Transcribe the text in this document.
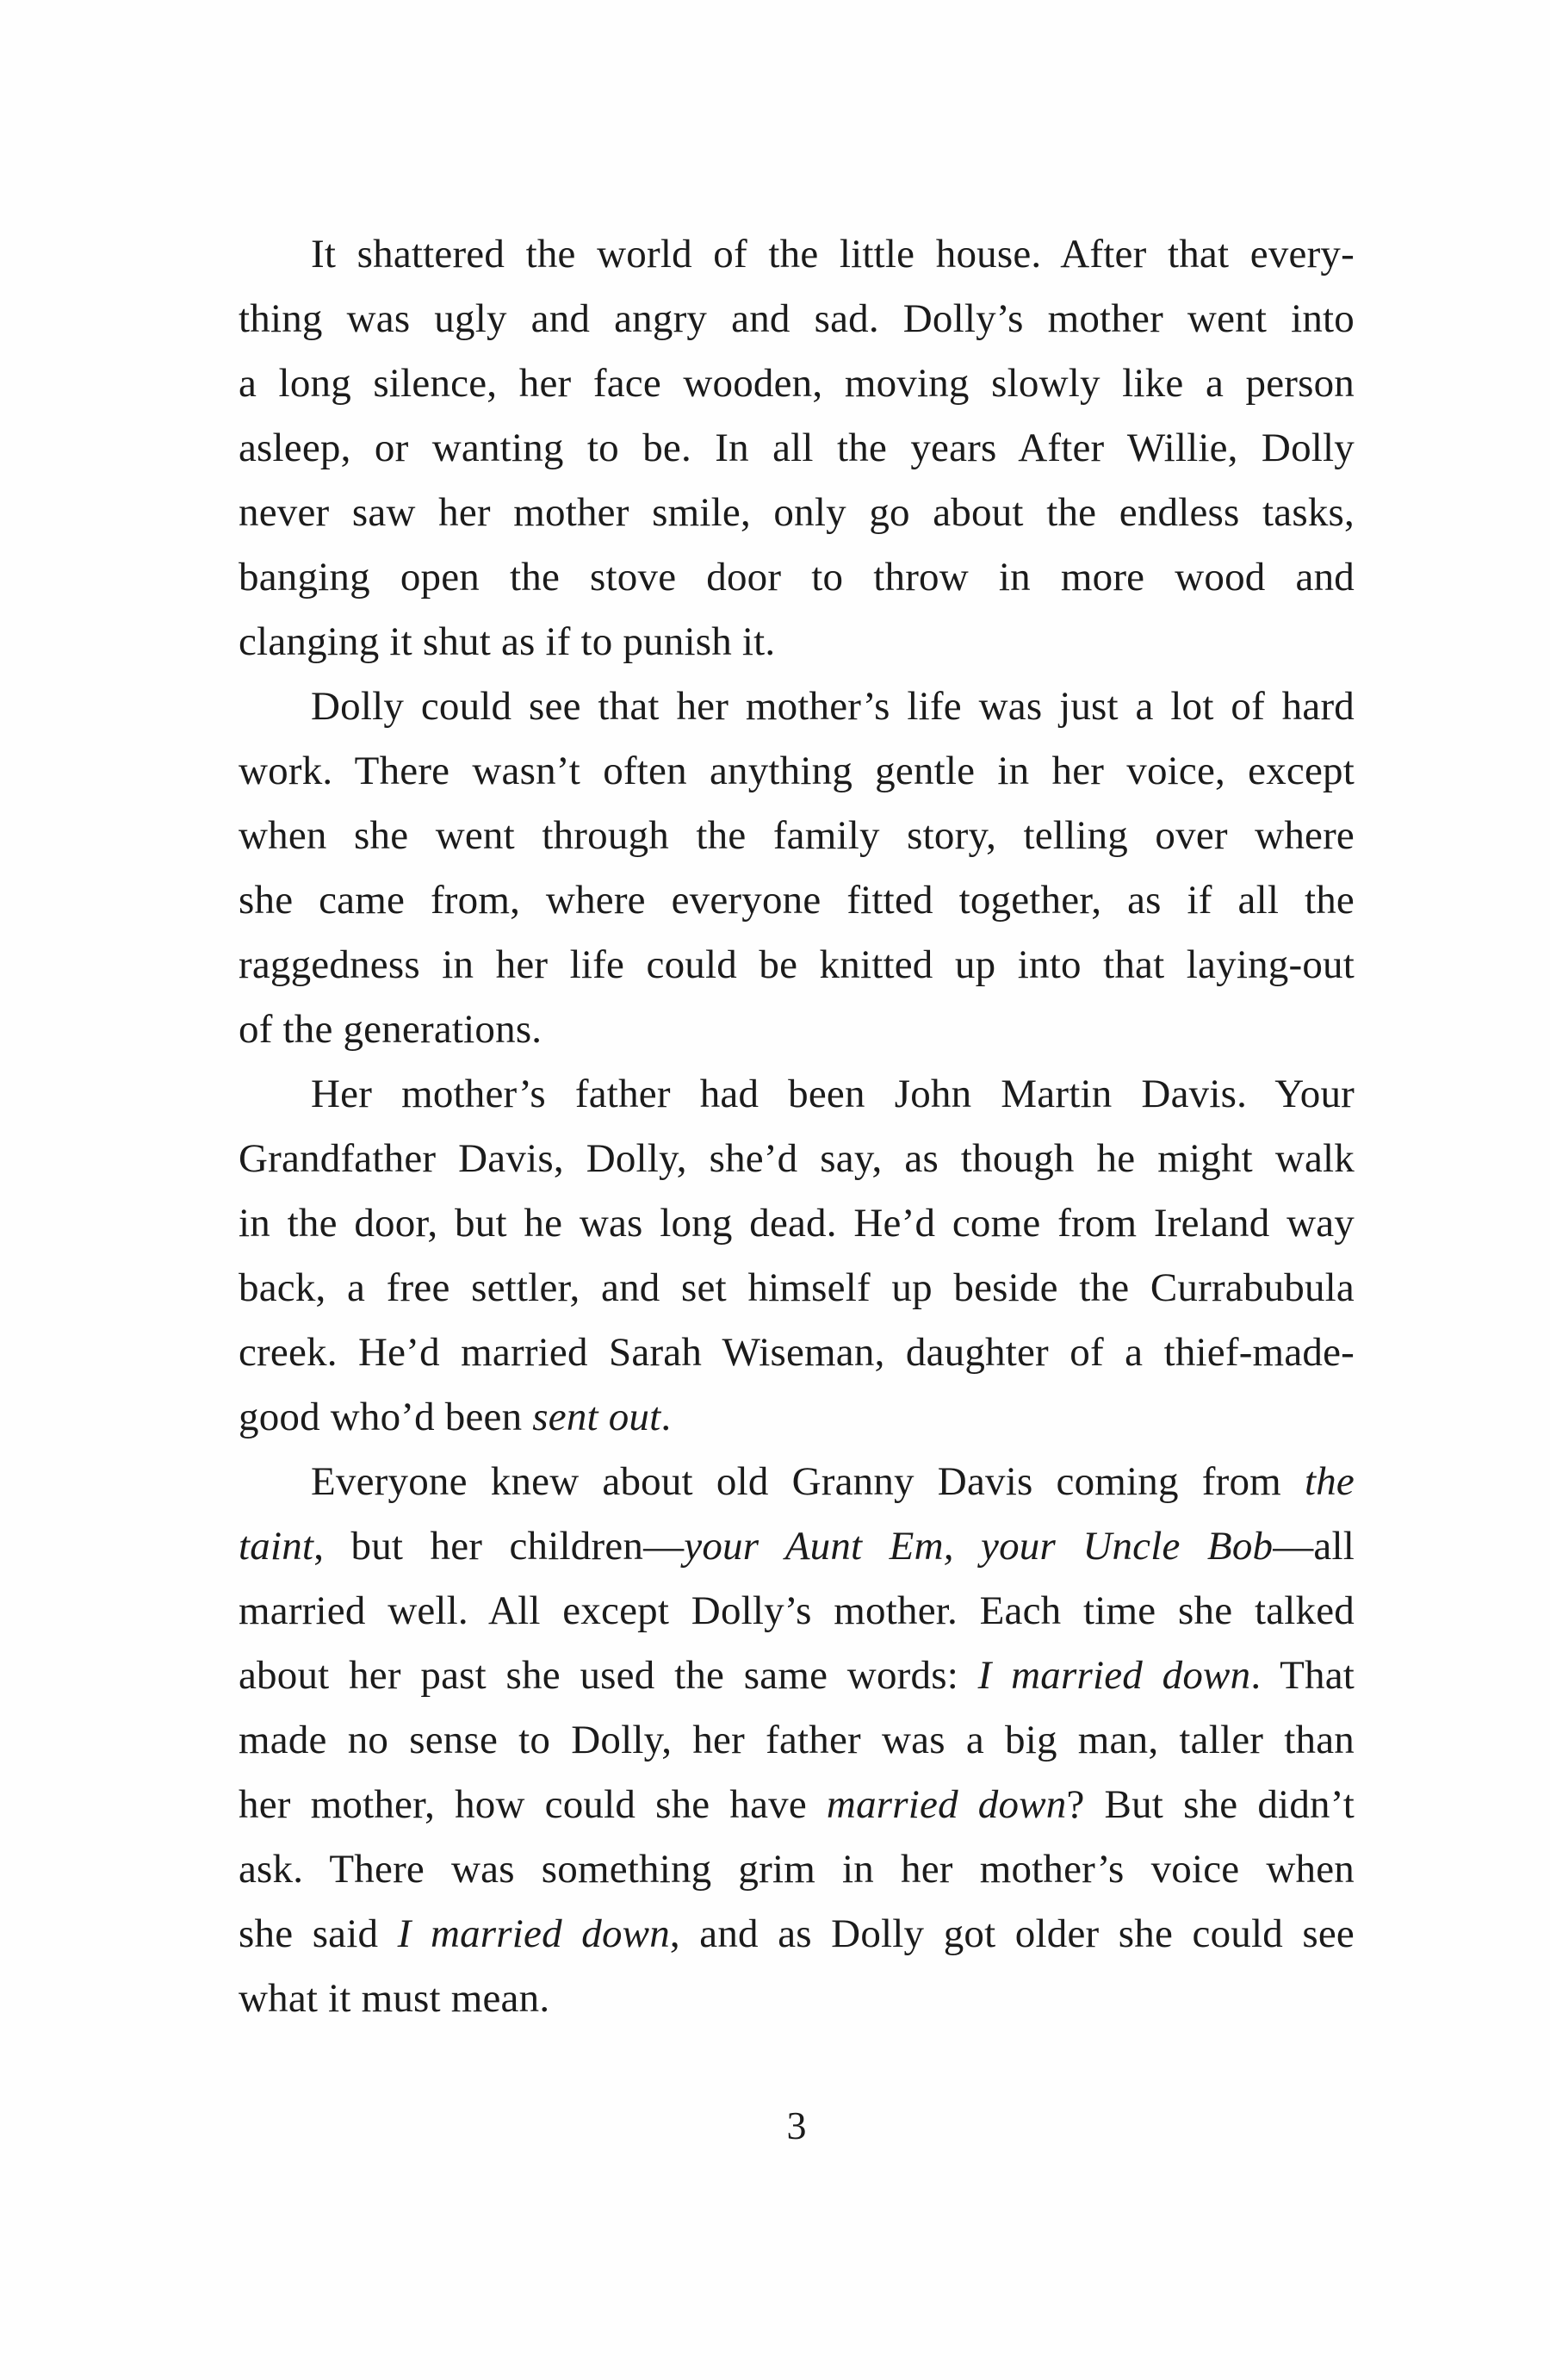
It shattered the world of the little house. After that every-
thing was ugly and angry and sad. Dolly’s mother went into
a long silence, her face wooden, moving slowly like a person
asleep, or wanting to be. In all the years After Willie, Dolly
never saw her mother smile, only go about the endless tasks,
banging open the stove door to throw in more wood and
clanging it shut as if to punish it.
Dolly could see that her mother’s life was just a lot of hard
work. There wasn’t often anything gentle in her voice, except
when she went through the family story, telling over where
she came from, where everyone fitted together, as if all the
raggedness in her life could be knitted up into that laying-out
of the generations.
Her mother’s father had been John Martin Davis. Your
Grandfather Davis, Dolly, she’d say, as though he might walk
in the door, but he was long dead. He’d come from Ireland way
back, a free settler, and set himself up beside the Currabubula
creek. He’d married Sarah Wiseman, daughter of a thief-made-
good who’d been sent out.
Everyone knew about old Granny Davis coming from the
taint, but her children—your Aunt Em, your Uncle Bob—all
married well. All except Dolly’s mother. Each time she talked
about her past she used the same words: I married down. That
made no sense to Dolly, her father was a big man, taller than
her mother, how could she have married down? But she didn’t
ask. There was something grim in her mother’s voice when
she said I married down, and as Dolly got older she could see
what it must mean.
3
